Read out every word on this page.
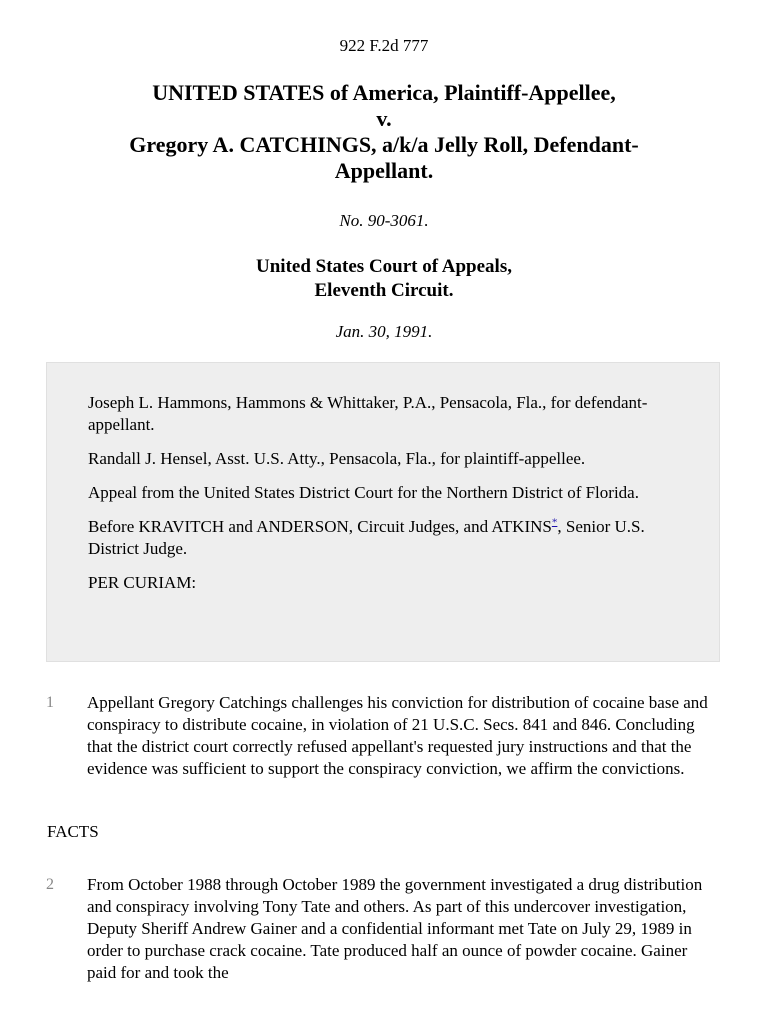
922 F.2d 777
UNITED STATES of America, Plaintiff-Appellee,
v.
Gregory A. CATCHINGS, a/k/a Jelly Roll, Defendant-
Appellant.
No. 90-3061.
United States Court of Appeals,
Eleventh Circuit.
Jan. 30, 1991.

Joseph L. Hammons, Hammons & Whittaker, P.A., Pensacola, Fla., for defendant-appellant.

Randall J. Hensel, Asst. U.S. Atty., Pensacola, Fla., for plaintiff-appellee.

Appeal from the United States District Court for the Northern District of Florida.

Before KRAVITCH and ANDERSON, Circuit Judges, and ATKINS*, Senior U.S. District Judge.

PER CURIAM:

1 Appellant Gregory Catchings challenges his conviction for distribution of cocaine base and conspiracy to distribute cocaine, in violation of 21 U.S.C. Secs. 841 and 846. Concluding that the district court correctly refused appellant's requested jury instructions and that the evidence was sufficient to support the conspiracy conviction, we affirm the convictions.
FACTS
2 From October 1988 through October 1989 the government investigated a drug distribution and conspiracy involving Tony Tate and others. As part of this undercover investigation, Deputy Sheriff Andrew Gainer and a confidential informant met Tate on July 29, 1989 in order to purchase crack cocaine. Tate produced half an ounce of powder cocaine. Gainer paid for and took the
